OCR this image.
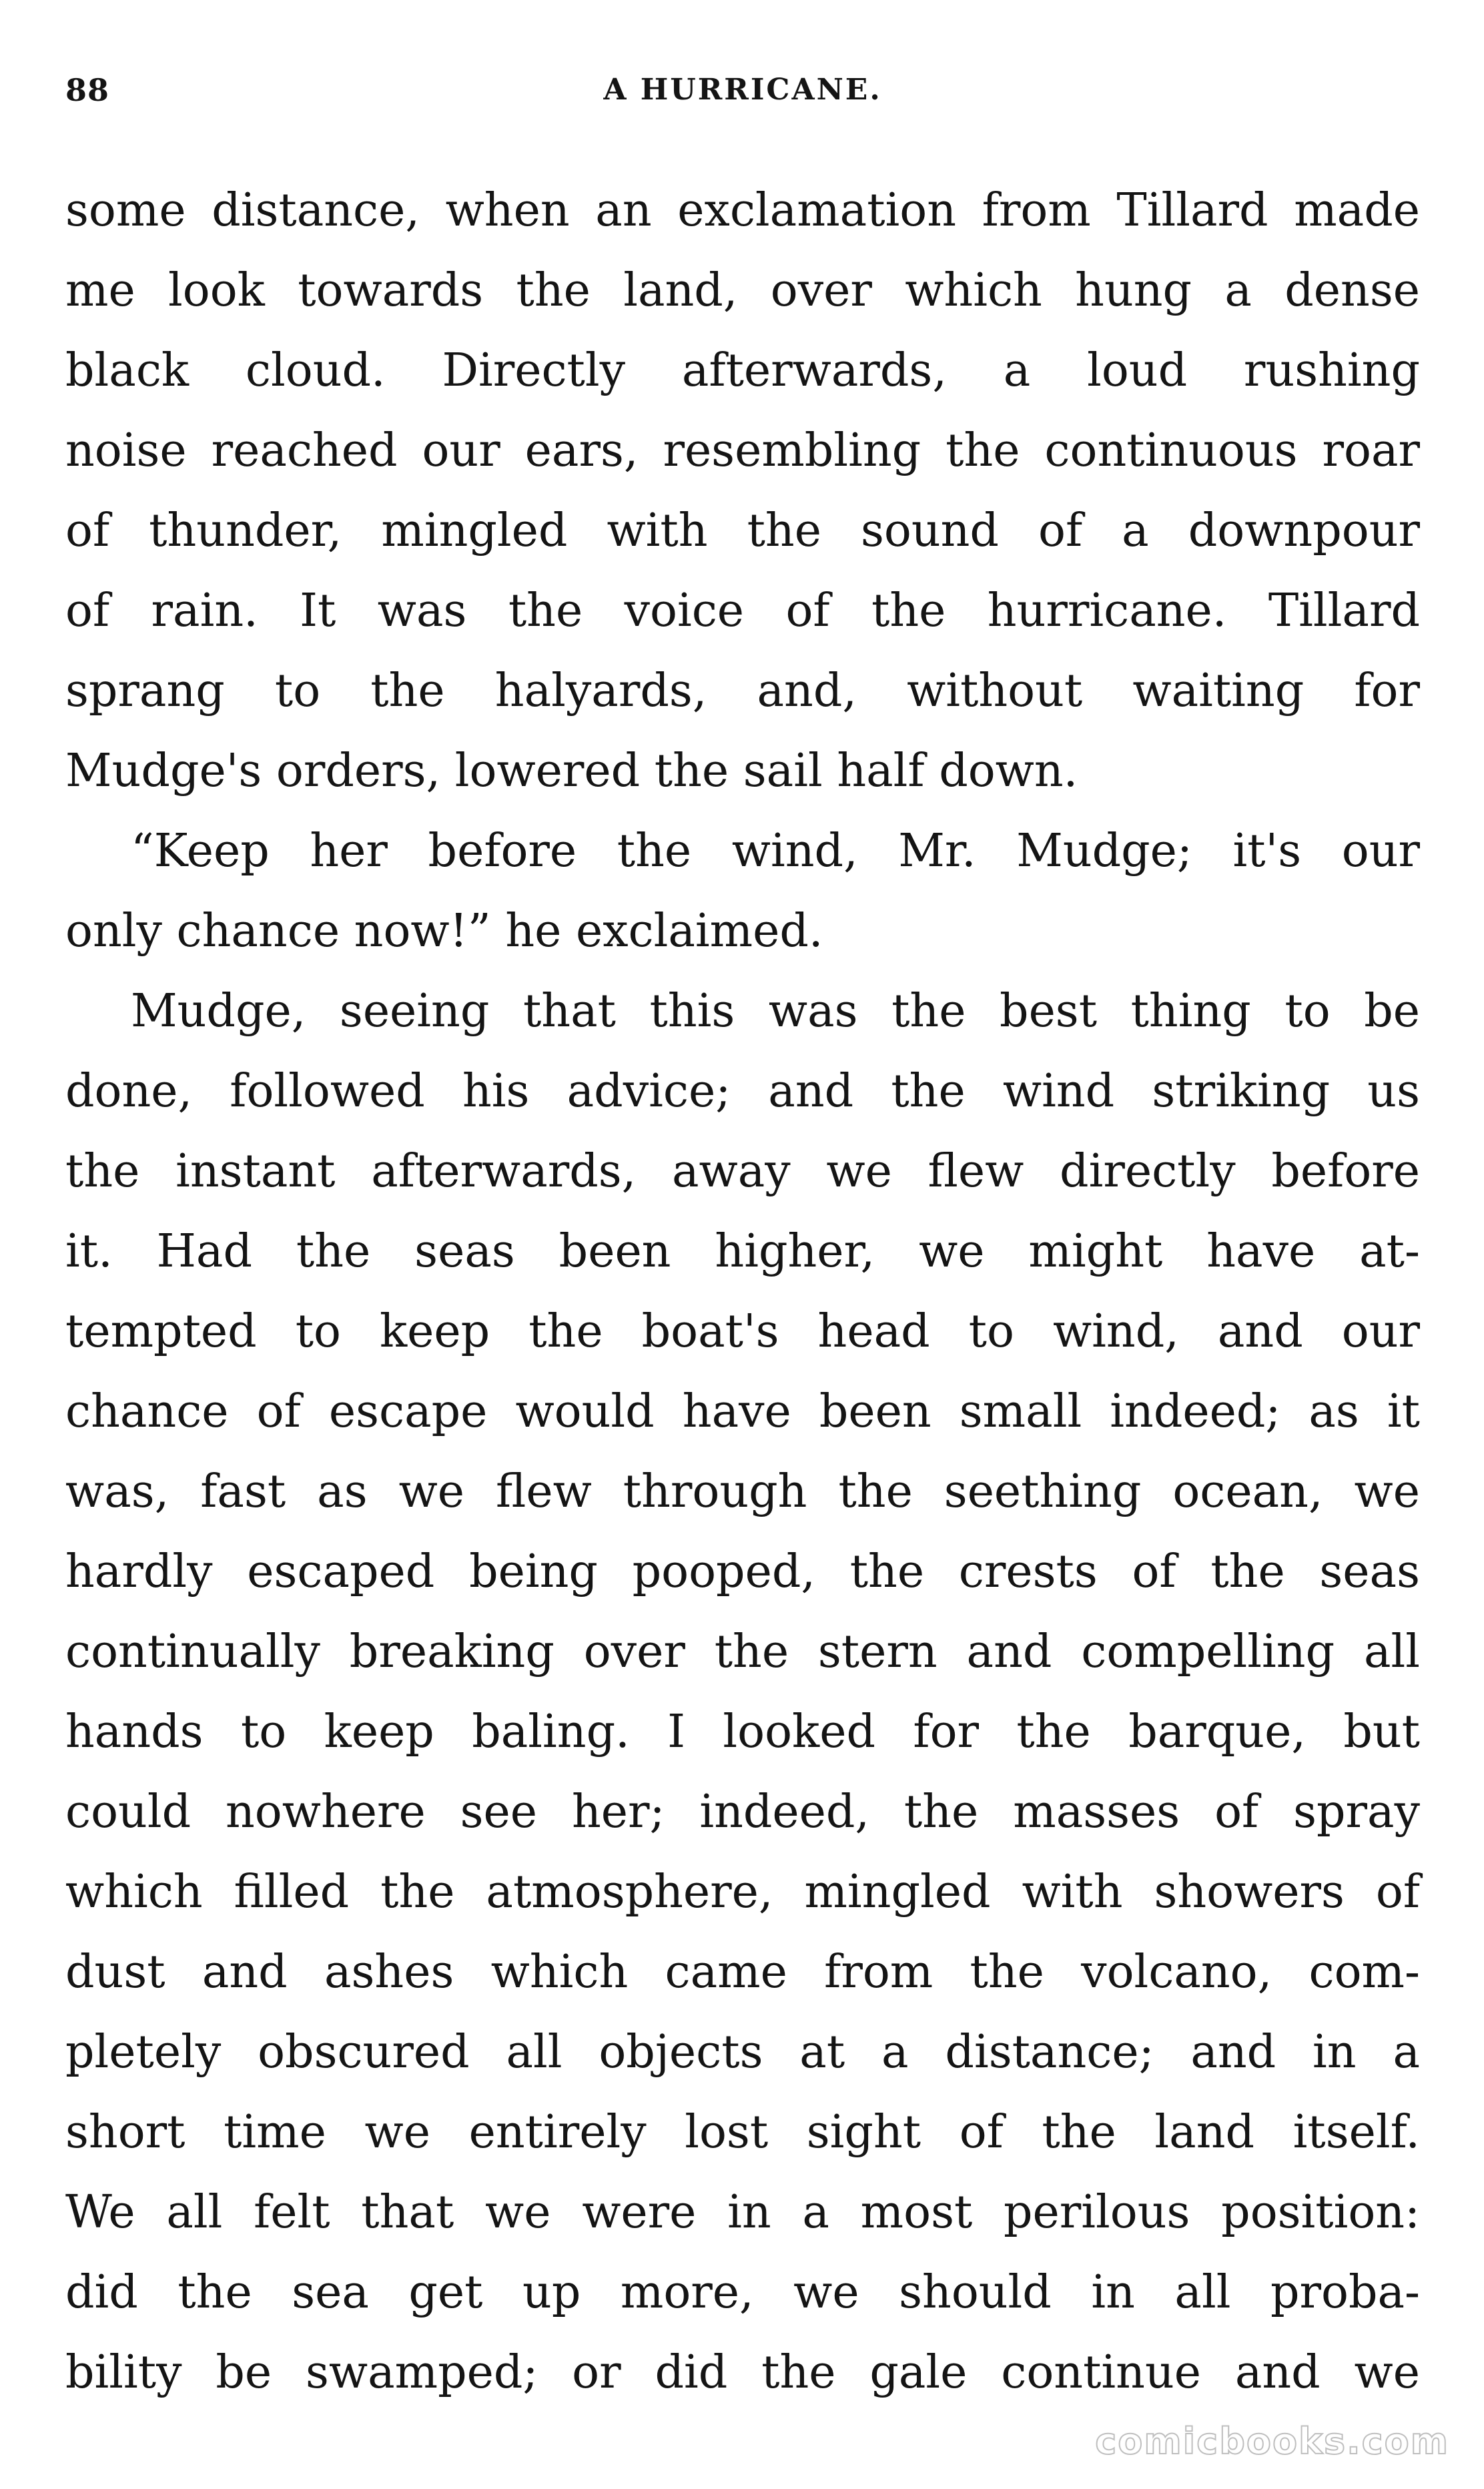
88	A HURRICANE.
some distance, when an exclamation from Tillard made
me look towards the land, over which hung a dense
black cloud. Directly afterwards, a loud rushing
noise reached our ears, resembling the continuous roar
of thunder, mingled with the sound of a downpour
of rain. It was the voice of the hurricane. Tillard
sprang to the halyards, and, without waiting for
Mudge's orders, lowered the sail half down.
“Keep her before the wind, Mr. Mudge; it's our
only chance now!” he exclaimed.
Mudge, seeing that this was the best thing to be
done, followed his advice; and the wind striking us
the instant afterwards, away we flew directly before
it. Had the seas been higher, we might have at-
tempted to keep the boat's head to wind, and our
chance of escape would have been small indeed; as it
was, fast as we flew through the seething ocean, we
hardly escaped being pooped, the crests of the seas
continually breaking over the stern and compelling all
hands to keep baling. I looked for the barque, but
could nowhere see her; indeed, the masses of spray
which filled the atmosphere, mingled with showers of
dust and ashes which came from the volcano, com-
pletely obscured all objects at a distance; and in a
short time we entirely lost sight of the land itself.
We all felt that we were in a most perilous position:
did the sea get up more, we should in all proba-
bility be swamped; or did the gale continue and we
comicbooks.com
